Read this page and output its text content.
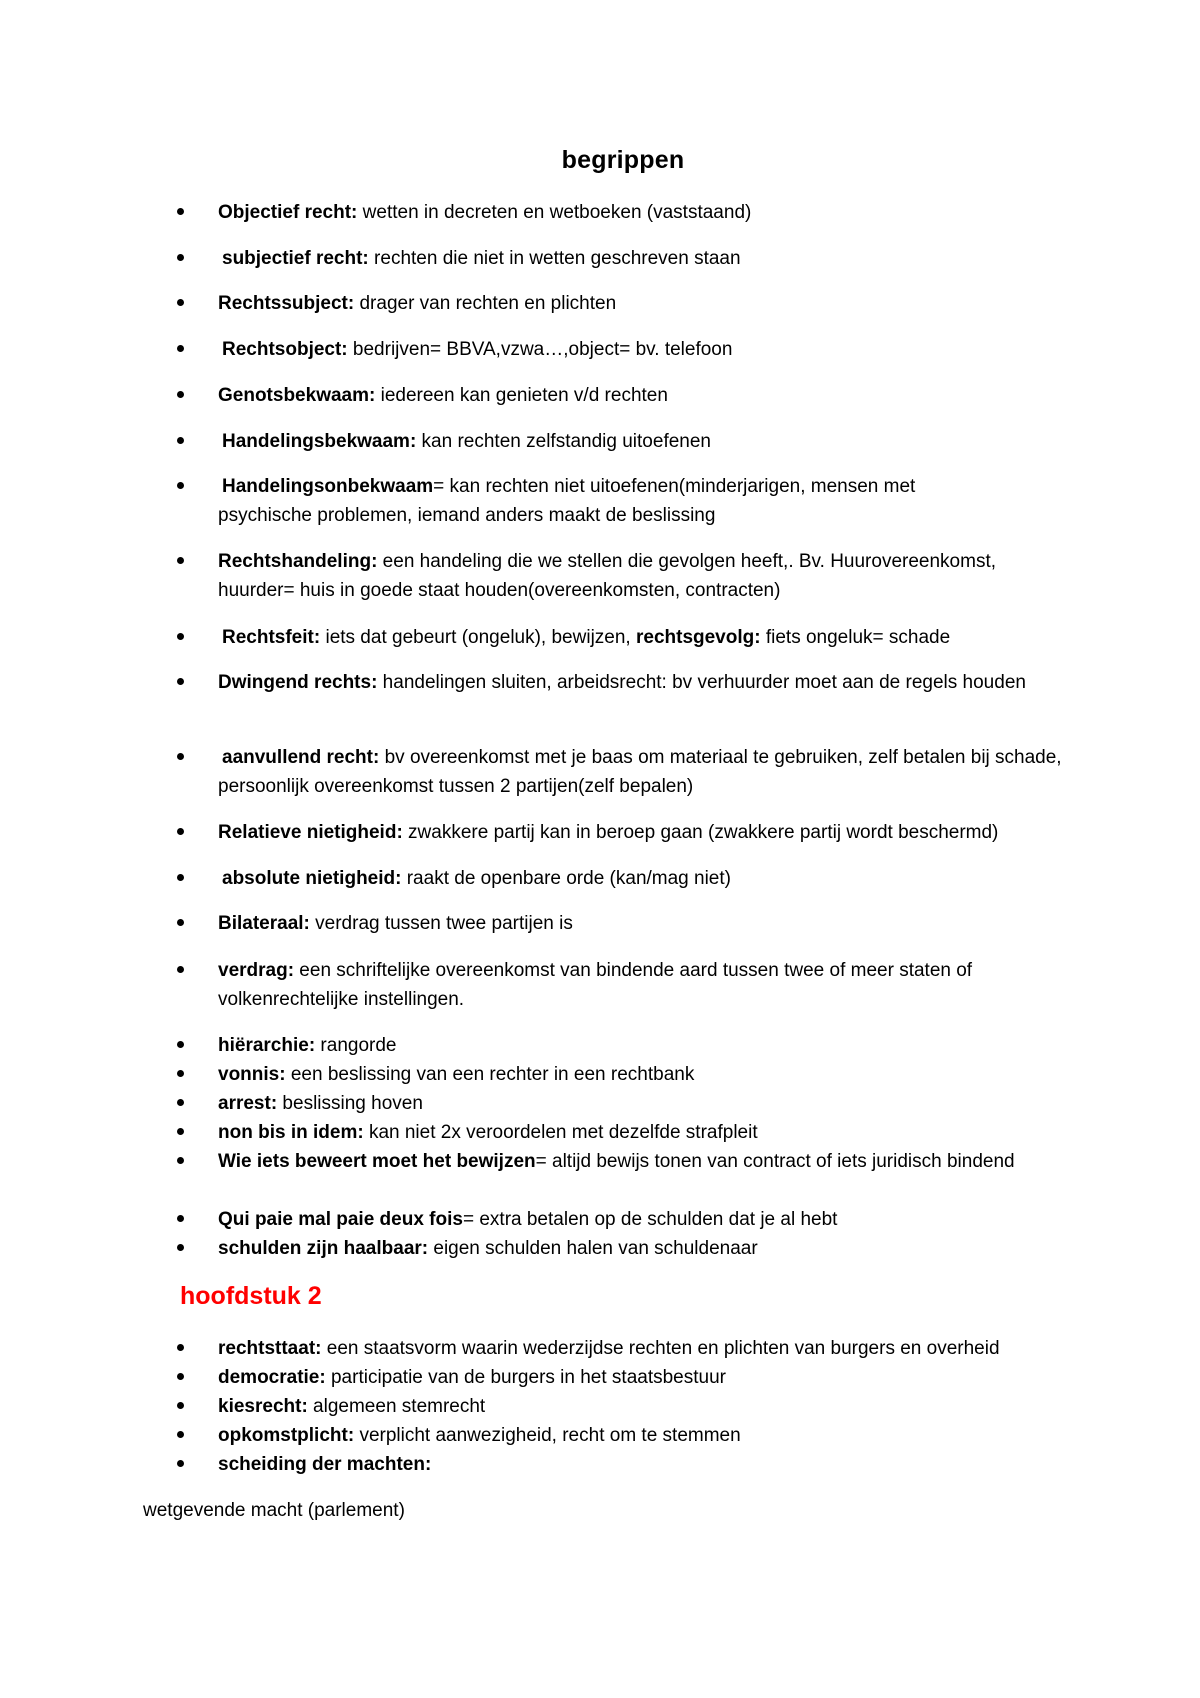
begrippen
Objectief recht: wetten in decreten en wetboeken (vaststaand)
subjectief recht: rechten die niet in wetten geschreven staan
Rechtssubject: drager van rechten en plichten
Rechtsobject: bedrijven= BBVA,vzwa…,object= bv. telefoon
Genotsbekwaam: iedereen kan genieten v/d rechten
Handelingsbekwaam: kan rechten zelfstandig uitoefenen
Handelingsonbekwaam= kan rechten niet uitoefenen(minderjarigen, mensen met psychische problemen, iemand anders maakt de beslissing
Rechtshandeling: een handeling die we stellen die gevolgen heeft,. Bv. Huurovereenkomst, huurder= huis in goede staat houden(overeenkomsten, contracten)
Rechtsfeit: iets dat gebeurt (ongeluk), bewijzen, rechtsgevolg: fiets ongeluk= schade
Dwingend rechts: handelingen sluiten, arbeidsrecht: bv verhuurder moet aan de regels houden
aanvullend recht: bv overeenkomst met je baas om materiaal te gebruiken, zelf betalen bij schade, persoonlijk overeenkomst tussen 2 partijen(zelf bepalen)
Relatieve nietigheid: zwakkere partij kan in beroep gaan (zwakkere partij wordt beschermd)
absolute nietigheid: raakt de openbare orde (kan/mag niet)
Bilateraal: verdrag tussen twee partijen is
verdrag: een schriftelijke overeenkomst van bindende aard tussen twee of meer staten of volkenrechtelijke instellingen.
hiërarchie: rangorde
vonnis: een beslissing van een rechter in een rechtbank
arrest: beslissing hoven
non bis in idem: kan niet 2x veroordelen met dezelfde strafpleit
Wie iets beweert moet het bewijzen= altijd bewijs tonen van contract of iets juridisch bindend
Qui paie mal paie deux fois= extra betalen op de schulden dat je al hebt
schulden zijn haalbaar: eigen schulden halen van schuldenaar
hoofdstuk 2
rechtsttaat: een staatsvorm waarin wederzijdse rechten en plichten van burgers en overheid
democratie: participatie van de burgers in het staatsbestuur
kiesrecht: algemeen stemrecht
opkomstplicht: verplicht aanwezigheid, recht om te stemmen
scheiding der machten:
wetgevende macht (parlement)
